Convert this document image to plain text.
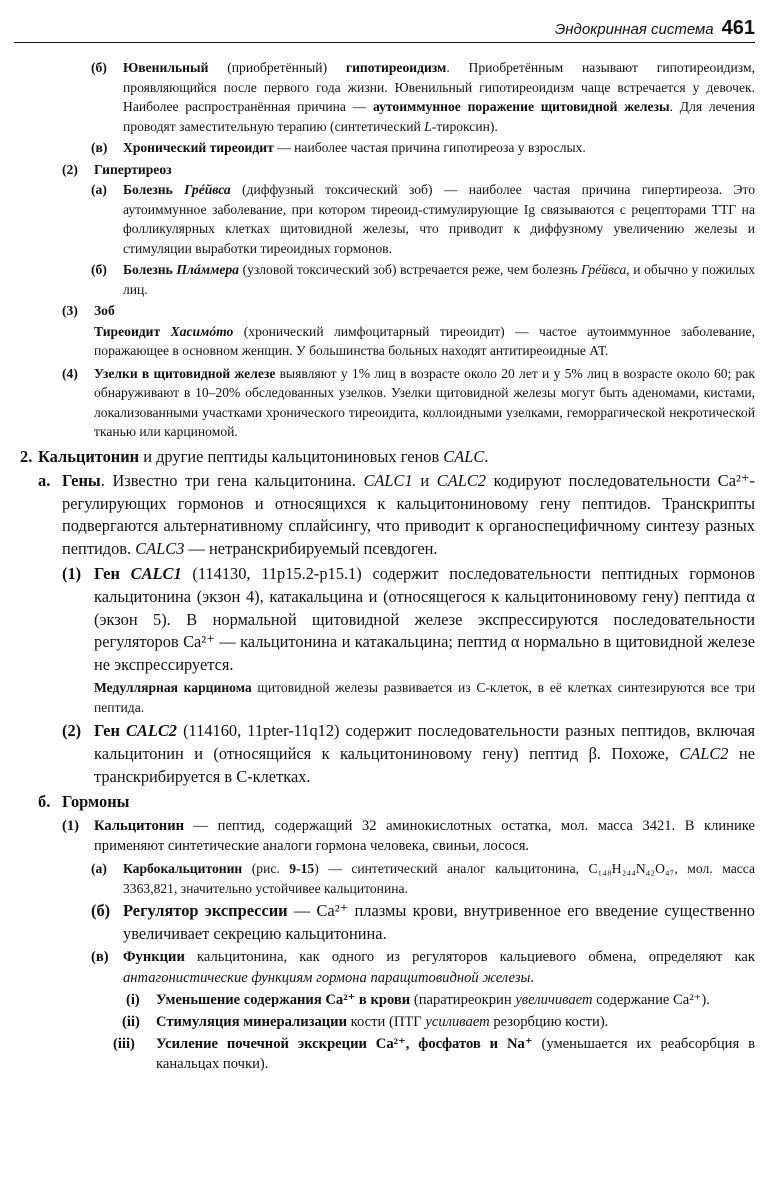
Эндокринная система 461

(б) Ювенильный (приобретённый) гипотиреоидизм. Приобретённым называют гипотиреоидизм, проявляющийся после первого года жизни. Ювенильный гипотиреоидизм чаще встречается у девочек. Наиболее распространённая причина — аутоиммунное поражение щитовидной железы. Для лечения проводят заместительную терапию (синтетический L-тироксин).

(в) Хронический тиреоидит — наиболее частая причина гипотиреоза у взрослых.

(2) Гипертиреоз

(а) Болезнь Грéйвса (диффузный токсический зоб) — наиболее частая причина гипертиреоза. Это аутоиммунное заболевание, при котором тиреоид-стимулирующие Ig связываются с рецепторами ТТГ на фолликулярных клетках щитовидной железы, что приводит к диффузному увеличению железы и стимуляции выработки тиреоидных гормонов.

(б) Болезнь Плáммера (узловой токсический зоб) встречается реже, чем болезнь Грéйвса, и обычно у пожилых лиц.

(3) Зоб

Тиреоидит Хасимóто (хронический лимфоцитарный тиреоидит) — частое аутоиммунное заболевание, поражающее в основном женщин. У большинства больных находят антитиреоидные АТ.

(4) Узелки в щитовидной железе выявляют у 1% лиц в возрасте около 20 лет и у 5% лиц в возрасте около 60; рак обнаруживают в 10–20% обследованных узелков. Узелки щитовидной железы могут быть аденомами, кистами, локализованными участками хронического тиреоидита, коллоидными узелками, геморрагической некротической тканью или карциномой.

2. Кальцитонин и другие пептиды кальцитониновых генов CALC.

а. Гены. Известно три гена кальцитонина. CALC1 и CALC2 кодируют последовательности Ca²⁺-регулирующих гормонов и относящихся к кальцитониновому гену пептидов. Транскрипты подвергаются альтернативному сплайсингу, что приводит к органоспецифичному синтезу разных пептидов. CALC3 — нетранскрибируемый псевдоген.

(1) Ген CALC1 (114130, 11p15.2-p15.1) содержит последовательности пептидных гормонов кальцитонина (экзон 4), катакальцина и (относящегося к кальцитониновому гену) пептида α (экзон 5). В нормальной щитовидной железе экспрессируются последовательности регуляторов Ca²⁺ — кальцитонина и катакальцина; пептид α нормально в щитовидной железе не экспрессируется.

Медуллярная карцинома щитовидной железы развивается из С-клеток, в её клетках синтезируются все три пептида.

(2) Ген CALC2 (114160, 11pter-11q12) содержит последовательности разных пептидов, включая кальцитонин и (относящийся к кальцитониновому гену) пептид β. Похоже, CALC2 не транскрибируется в С-клетках.

б. Гормоны

(1) Кальцитонин — пептид, содержащий 32 аминокислотных остатка, мол. масса 3421. В клинике применяют синтетические аналоги гормона человека, свиньи, лосося.

(а) Карбокальцитонин (рис. 9-15) — синтетический аналог кальцитонина, C₁₄₈H₂₄₄N₄₂O₄₇, мол. масса 3363,821, значительно устойчивее кальцитонина.

(б) Регулятор экспрессии — Ca²⁺ плазмы крови, внутривенное его введение существенно увеличивает секрецию кальцитонина.

(в) Функции кальцитонина, как одного из регуляторов кальциевого обмена, определяют как антагонистические функциям гормона паращитовидной железы.

(i) Уменьшение содержания Ca²⁺ в крови (паратиреокрин увеличивает содержание Ca²⁺).

(ii) Стимуляция минерализации кости (ПТГ усиливает резорбцию кости).

(iii) Усиление почечной экскреции Ca²⁺, фосфатов и Na⁺ (уменьшается их реабсорбция в канальцах почки).
